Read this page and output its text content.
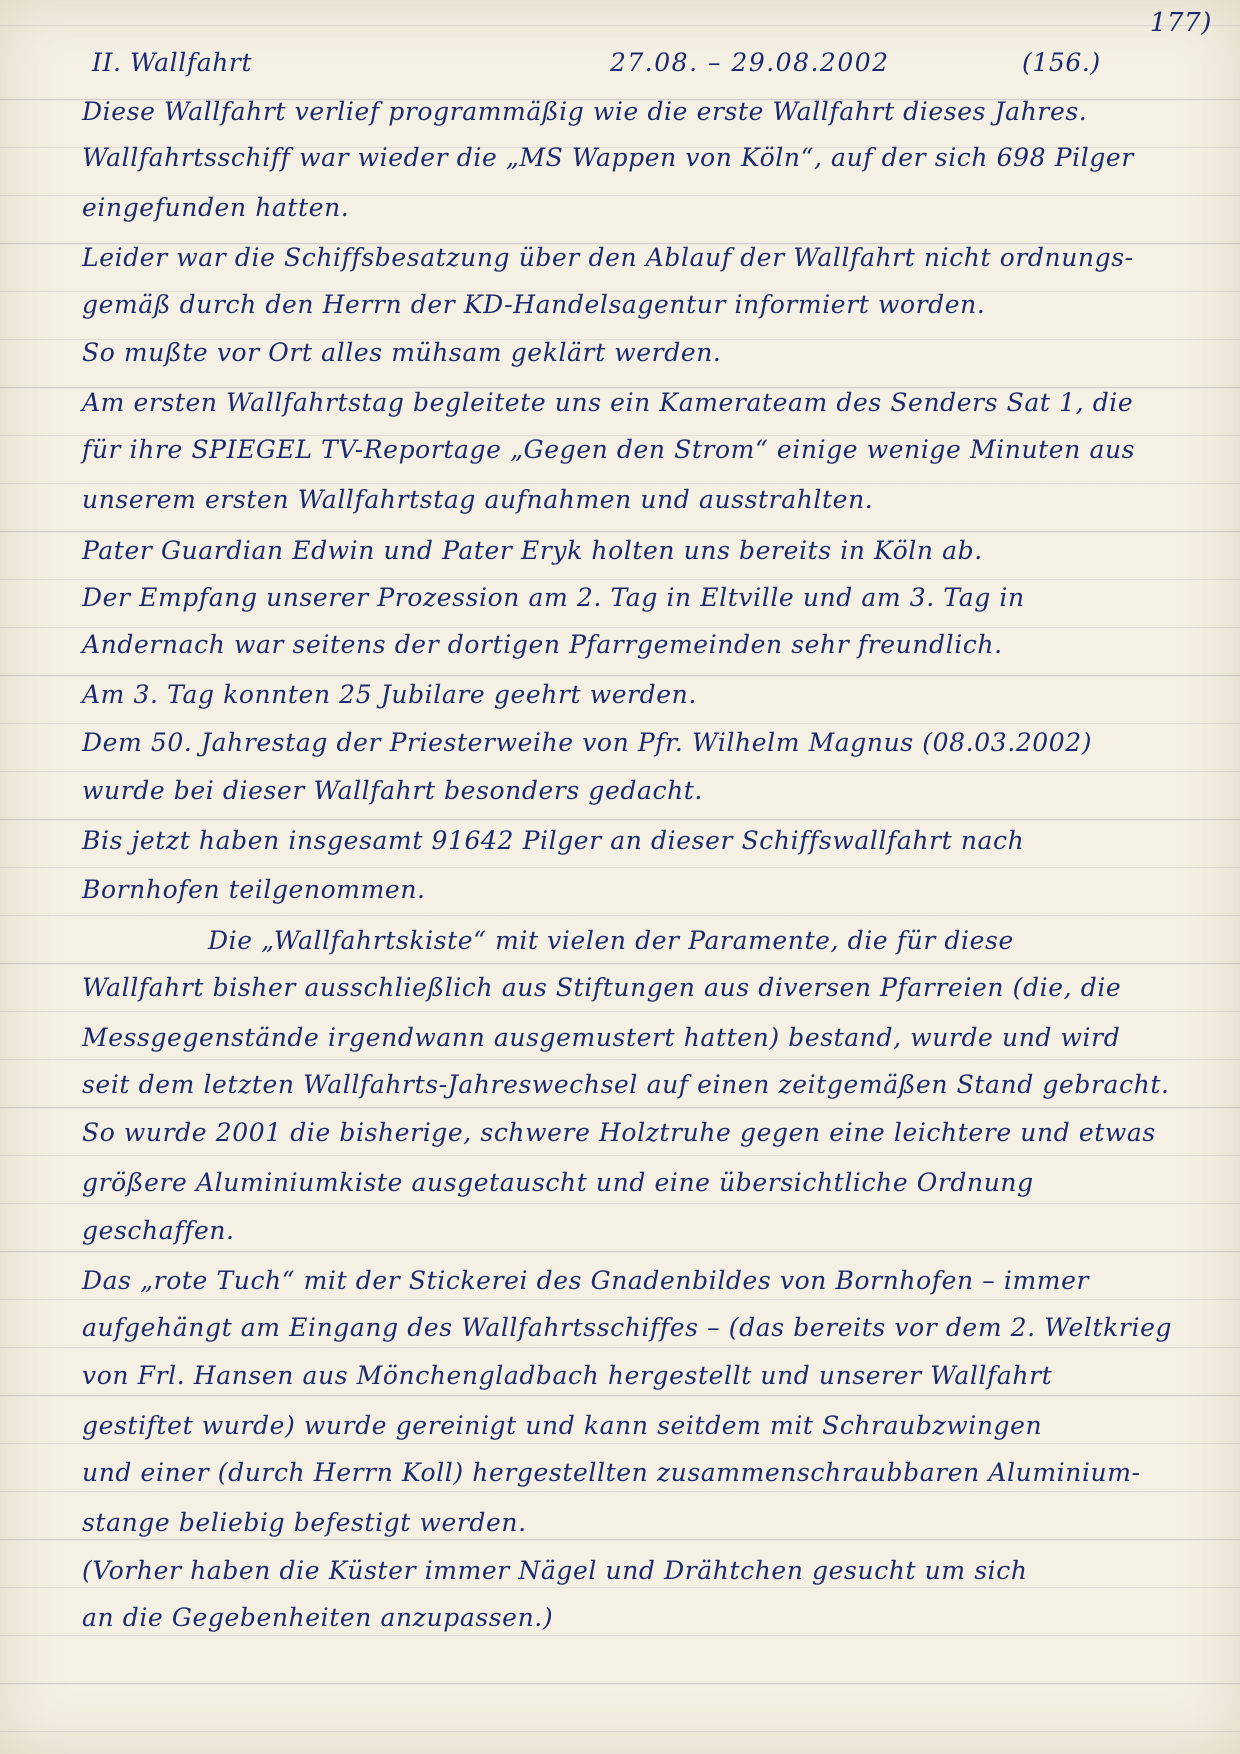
177)
II. Wallfahrt	27.08. – 29.08.2002	(156.)
Diese Wallfahrt verlief programmäßig wie die erste Wallfahrt dieses Jahres.
Wallfahrtsschiff war wieder die „MS Wappen von Köln“, auf der sich 698 Pilger
eingefunden hatten.
Leider war die Schiffsbesatzung über den Ablauf der Wallfahrt nicht ordnungs-
gemäß durch den Herrn der KD-Handelsagentur informiert worden.
So mußte vor Ort alles mühsam geklärt werden.
Am ersten Wallfahrtstag begleitete uns ein Kamerateam des Senders Sat 1, die
für ihre SPIEGEL TV-Reportage „Gegen den Strom“ einige wenige Minuten aus
unserem ersten Wallfahrtstag aufnahmen und ausstrahlten.
Pater Guardian Edwin und Pater Eryk holten uns bereits in Köln ab.
Der Empfang unserer Prozession am 2. Tag in Eltville und am 3. Tag in
Andernach war seitens der dortigen Pfarrgemeinden sehr freundlich.
Am 3. Tag konnten 25 Jubilare geehrt werden.
Dem 50. Jahrestag der Priesterweihe von Pfr. Wilhelm Magnus (08.03.2002)
wurde bei dieser Wallfahrt besonders gedacht.
Bis jetzt haben insgesamt 91642 Pilger an dieser Schiffswallfahrt nach
Bornhofen teilgenommen.
Die „Wallfahrtskiste“ mit vielen der Paramente, die für diese
Wallfahrt bisher ausschließlich aus Stiftungen aus diversen Pfarreien (die, die
Messgegenstände irgendwann ausgemustert hatten) bestand, wurde und wird
seit dem letzten Wallfahrts-Jahreswechsel auf einen zeitgemäßen Stand gebracht.
So wurde 2001 die bisherige, schwere Holztruhe gegen eine leichtere und etwas
größere Aluminiumkiste ausgetauscht und eine übersichtliche Ordnung
geschaffen.
Das „rote Tuch“ mit der Stickerei des Gnadenbildes von Bornhofen – immer
aufgehängt am Eingang des Wallfahrtsschiffes – (das bereits vor dem 2. Weltkrieg
von Frl. Hansen aus Mönchengladbach hergestellt und unserer Wallfahrt
gestiftet wurde) wurde gereinigt und kann seitdem mit Schraubzwingen
und einer (durch Herrn Koll) hergestellten zusammenschraubbaren Aluminium-
stange beliebig befestigt werden.
(Vorher haben die Küster immer Nägel und Drähtchen gesucht um sich
an die Gegebenheiten anzupassen.)
